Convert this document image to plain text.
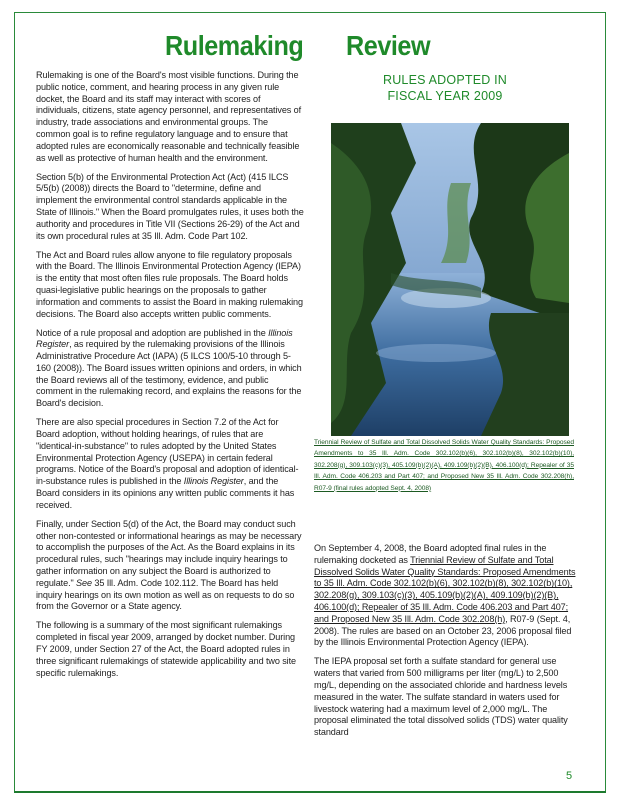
Rulemaking Review

Rulemaking is one of the Board's most visible functions. During the public notice, comment, and hearing process in any given rule docket, the Board and its staff may interact with scores of individuals, citizens, state agency personnel, and representatives of industry, trade associations and environmental groups. The common goal is to refine regulatory language and to ensure that adopted rules are economically reasonable and technically feasible as well as protective of human health and the environment.

Section 5(b) of the Environmental Protection Act (Act) (415 ILCS 5/5(b) (2008)) directs the Board to "determine, define and implement the environmental control standards applicable in the State of Illinois." When the Board promulgates rules, it uses both the authority and procedures in Title VII (Sections 26-29) of the Act and its own procedural rules at 35 Ill. Adm. Code Part 102.

The Act and Board rules allow anyone to file regulatory proposals with the Board. The Illinois Environmental Protection Agency (IEPA) is the entity that most often files rule proposals. The Board holds quasi-legislative public hearings on the proposals to gather information and comments to assist the Board in making rulemaking decisions. The Board also accepts written public comments.

Notice of a rule proposal and adoption are published in the Illinois Register, as required by the rulemaking provisions of the Illinois Administrative Procedure Act (IAPA) (5 ILCS 100/5-10 through 5-160 (2008)). The Board issues written opinions and orders, in which the Board reviews all of the testimony, evidence, and public comment in the rulemaking record, and explains the reasons for the Board's decision.

There are also special procedures in Section 7.2 of the Act for Board adoption, without holding hearings, of rules that are "identical-in-substance" to rules adopted by the United States Environmental Protection Agency (USEPA) in certain federal programs. Notice of the Board's proposal and adoption of identical-in-substance rules is published in the Illinois Register, and the Board considers in its opinions any written public comments it has received.

Finally, under Section 5(d) of the Act, the Board may conduct such other non-contested or informational hearings as may be necessary to accomplish the purposes of the Act. As the Board explains in its procedural rules, such "hearings may include inquiry hearings to gather information on any subject the Board is authorized to regulate." See 35 Ill. Adm. Code 102.112. The Board has held inquiry hearings on its own motion as well as on requests to do so from the Governor or a State agency.

The following is a summary of the most significant rulemakings completed in fiscal year 2009, arranged by docket number. During FY 2009, under Section 27 of the Act, the Board adopted rules in three significant rulemakings of statewide applicability and two site specific rulemakings.

RULES ADOPTED IN
FISCAL YEAR 2009
Triennial Review of Sulfate and Total Dissolved Solids Water Quality Standards: Proposed Amendments to 35 Ill. Adm. Code 302.102(b)(6), 302.102(b)(8), 302.102(b)(10), 302.208(g), 309.103(c)(3), 405.109(b)(2)(A), 409.109(b)(2)(B), 406.100(d); Repealer of 35 Ill. Adm. Code 406.203 and Part 407; and Proposed New 35 Ill. Adm. Code 302.208(h), R07-9 (final rules adopted Sept. 4, 2008)

On September 4, 2008, the Board adopted final rules in the rulemaking docketed as Triennial Review of Sulfate and Total Dissolved Solids Water Quality Standards: Proposed Amendments to 35 Ill. Adm. Code 302.102(b)(6), 302.102(b)(8), 302.102(b)(10), 302.208(g), 309.103(c)(3), 405.109(b)(2)(A), 409.109(b)(2)(B), 406.100(d); Repealer of 35 Ill. Adm. Code 406.203 and Part 407; and Proposed New 35 Ill. Adm. Code 302.208(h), R07-9 (Sept. 4, 2008). The rules are based on an October 23, 2006 proposal filed by the Illinois Environmental Protection Agency (IEPA).

The IEPA proposal set forth a sulfate standard for general use waters that varied from 500 milligrams per liter (mg/L) to 2,500 mg/L, depending on the associated chloride and hardness levels measured in the water. The sulfate standard in waters used for livestock watering had a maximum level of 2,000 mg/L. The proposal eliminated the total dissolved solids (TDS) water quality standard

5
